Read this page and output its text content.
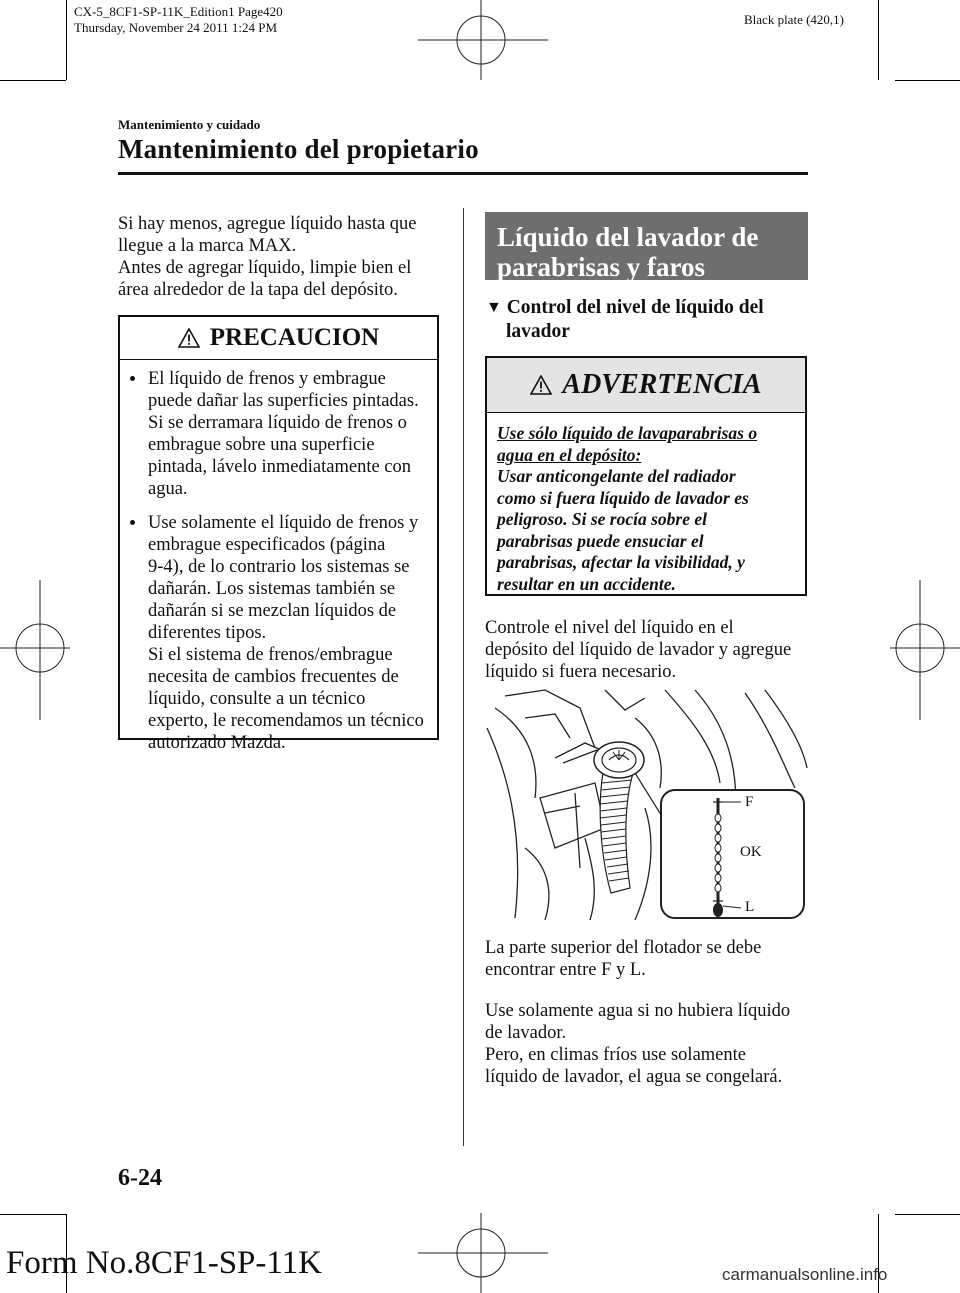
CX-5_8CF1-SP-11K_Edition1 Page420
Thursday, November 24 2011 1:24 PM
Black plate (420,1)
Mantenimiento y cuidado
Mantenimiento del propietario
Si hay menos, agregue líquido hasta que
llegue a la marca MAX.
Antes de agregar líquido, limpie bien el
área alrededor de la tapa del depósito.
PRECAUCION
El líquido de frenos y embrague
puede dañar las superficies pintadas.
Si se derramara líquido de frenos o
embrague sobre una superficie
pintada, lávelo inmediatamente con
agua.
Use solamente el líquido de frenos y
embrague especificados (página
9-4), de lo contrario los sistemas se
dañarán. Los sistemas también se
dañarán si se mezclan líquidos de
diferentes tipos.
Si el sistema de frenos/embrague
necesita de cambios frecuentes de
líquido, consulte a un técnico
experto, le recomendamos un técnico
autorizado Mazda.
Líquido del lavador de
parabrisas y faros
▼ Control del nivel de líquido del
lavador
ADVERTENCIA
Use sólo líquido de lavaparabrisas o
agua en el depósito:
Usar anticongelante del radiador
como si fuera líquido de lavador es
peligroso. Si se rocía sobre el
parabrisas puede ensuciar el
parabrisas, afectar la visibilidad, y
resultar en un accidente.
Controle el nivel del líquido en el
depósito del líquido de lavador y agregue
líquido si fuera necesario.
F
OK
L
La parte superior del flotador se debe
encontrar entre F y L.
Use solamente agua si no hubiera líquido
de lavador.
Pero, en climas fríos use solamente
líquido de lavador, el agua se congelará.
6-24
Form No.8CF1-SP-11K	carmanualsonline.info
